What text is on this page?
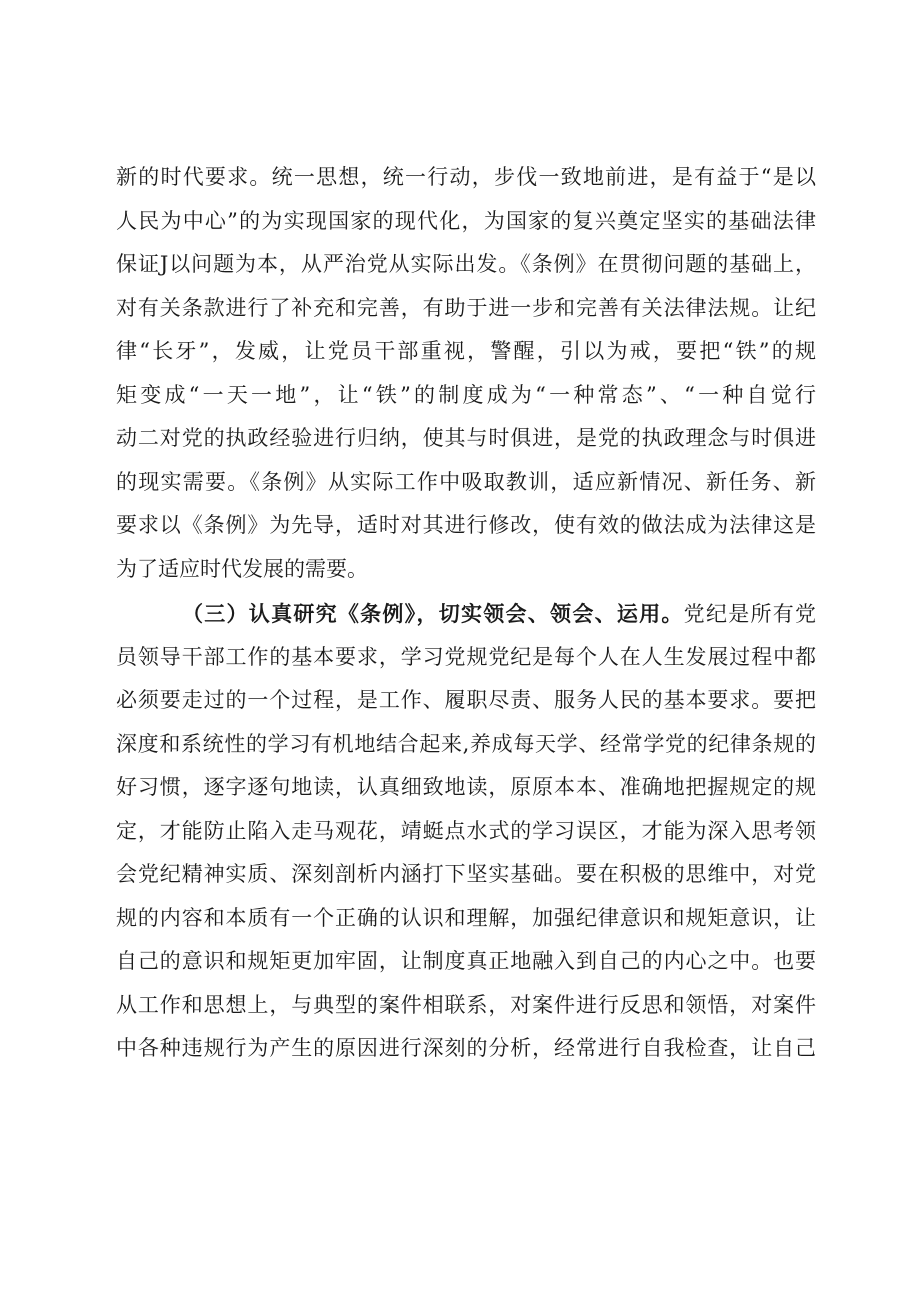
新的时代要求。统一思想，统一行动，步伐一致地前进，是有益于“是以
人民为中心”的为实现国家的现代化，为国家的复兴奠定坚实的基础法律
保证J以问题为本，从严治党从实际出发。《条例》在贯彻问题的基础上，
对有关条款进行了补充和完善，有助于进一步和完善有关法律法规。让纪
律“长牙”，发威，让党员干部重视，警醒，引以为戒，要把“铁”的规
矩变成“一天一地”，让“铁”的制度成为“一种常态”、“一种自觉行
动二对党的执政经验进行归纳，使其与时俱进，是党的执政理念与时俱进
的现实需要。《条例》从实际工作中吸取教训，适应新情况、新任务、新
要求以《条例》为先导，适时对其进行修改，使有效的做法成为法律这是
为了适应时代发展的需要。
（三）认真研究《条例》，切实领会、领会、运用。党纪是所有党
员领导干部工作的基本要求，学习党规党纪是每个人在人生发展过程中都
必须要走过的一个过程，是工作、履职尽责、服务人民的基本要求。要把
深度和系统性的学习有机地结合起来,养成每天学、经常学党的纪律条规的
好习惯，逐字逐句地读，认真细致地读，原原本本、准确地把握规定的规
定，才能防止陷入走马观花，靖蜓点水式的学习误区，才能为深入思考领
会党纪精神实质、深刻剖析内涵打下坚实基础。要在积极的思维中，对党
规的内容和本质有一个正确的认识和理解，加强纪律意识和规矩意识，让
自己的意识和规矩更加牢固，让制度真正地融入到自己的内心之中。也要
从工作和思想上，与典型的案件相联系，对案件进行反思和领悟，对案件
中各种违规行为产生的原因进行深刻的分析，经常进行自我检查，让自己
